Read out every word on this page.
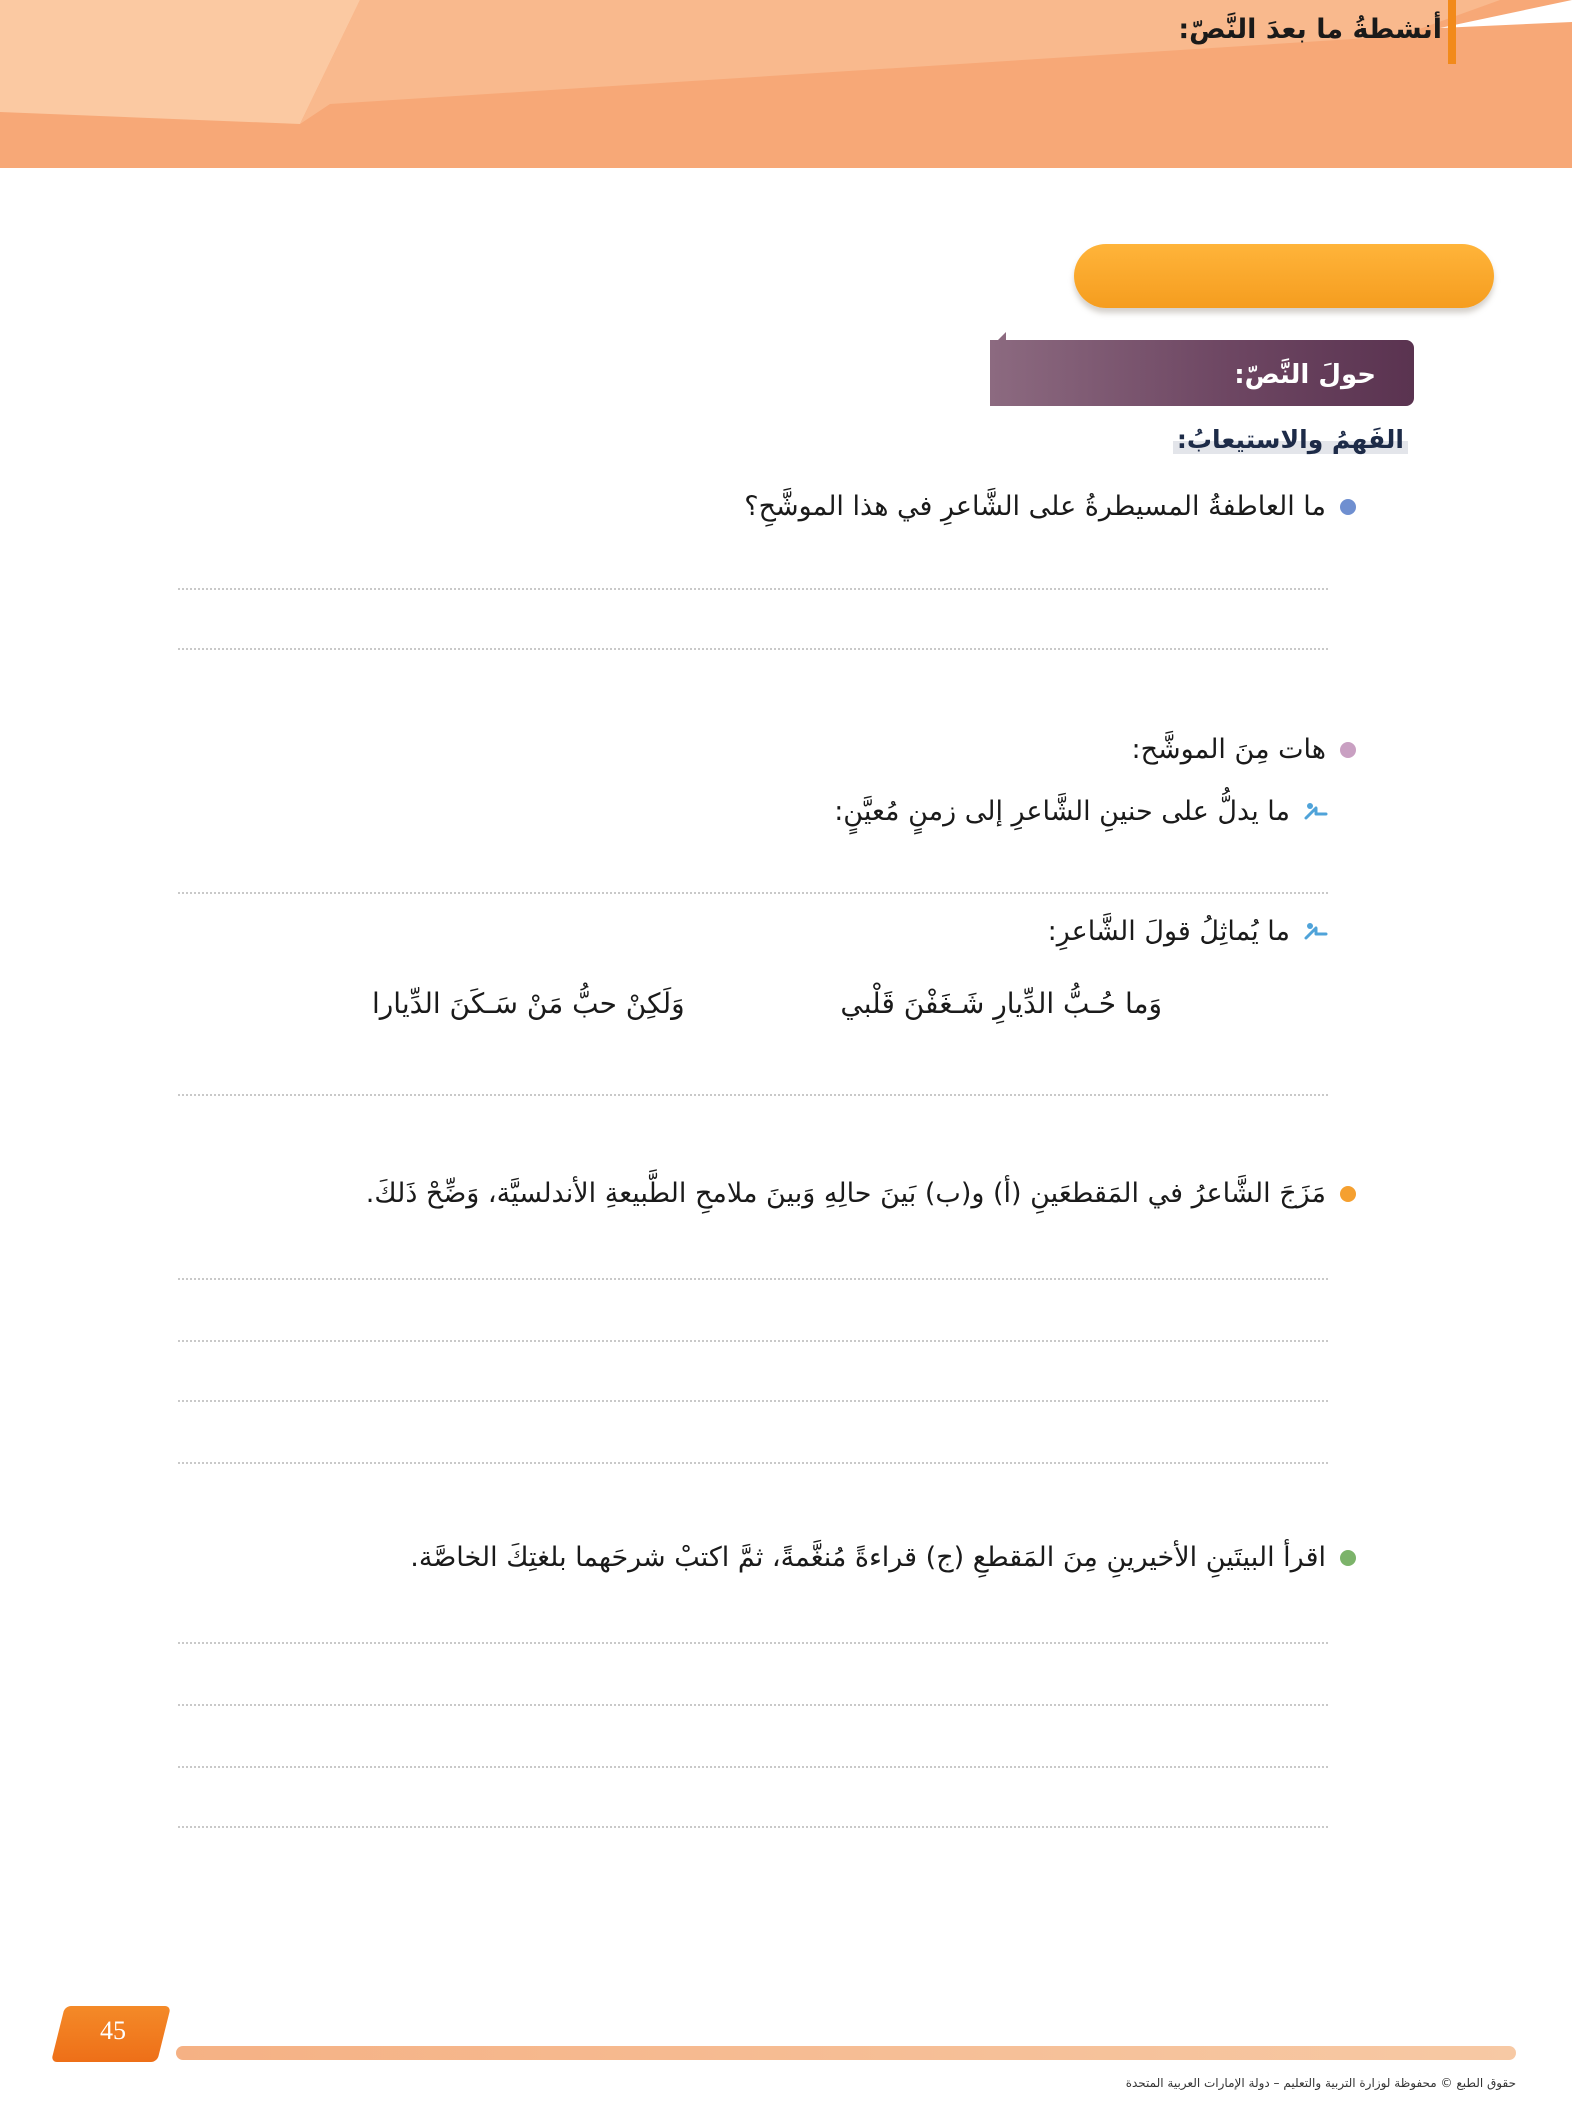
أنشطةُ ما بعدَ النَّصّ:
حولَ النَّصّ:
الفَهمُ والاستيعابُ:
ما العاطفةُ المسيطرةُ على الشَّاعرِ في هذا الموشَّحِ؟
هات مِنَ الموشَّح:
ما يدلُّ على حنينِ الشَّاعرِ إلى زمنٍ مُعيَّنٍ:
ما يُماثِلُ قولَ الشَّاعرِ:
وَما حُـبُّ الدِّيارِ شَـغَفْنَ قَلْبي
وَلَكِنْ حبُّ مَنْ سَـكَنَ الدِّيارا
مَزَجَ الشَّاعرُ في المَقطعَينِ (أ) و(ب) بَينَ حالِهِ وَبينَ ملامحِ الطَّبيعةِ الأندلسيَّة، وَضِّحْ ذَلكَ.
اقرأ البيتَينِ الأخيرينِ مِنَ المَقطعِ (ج) قراءةً مُنغَّمةً، ثمَّ اكتبْ شرحَهما بلغتِكَ الخاصَّة.
45
حقوق الطبع © محفوظة لوزارة التربية والتعليم – دولة الإمارات العربية المتحدة
